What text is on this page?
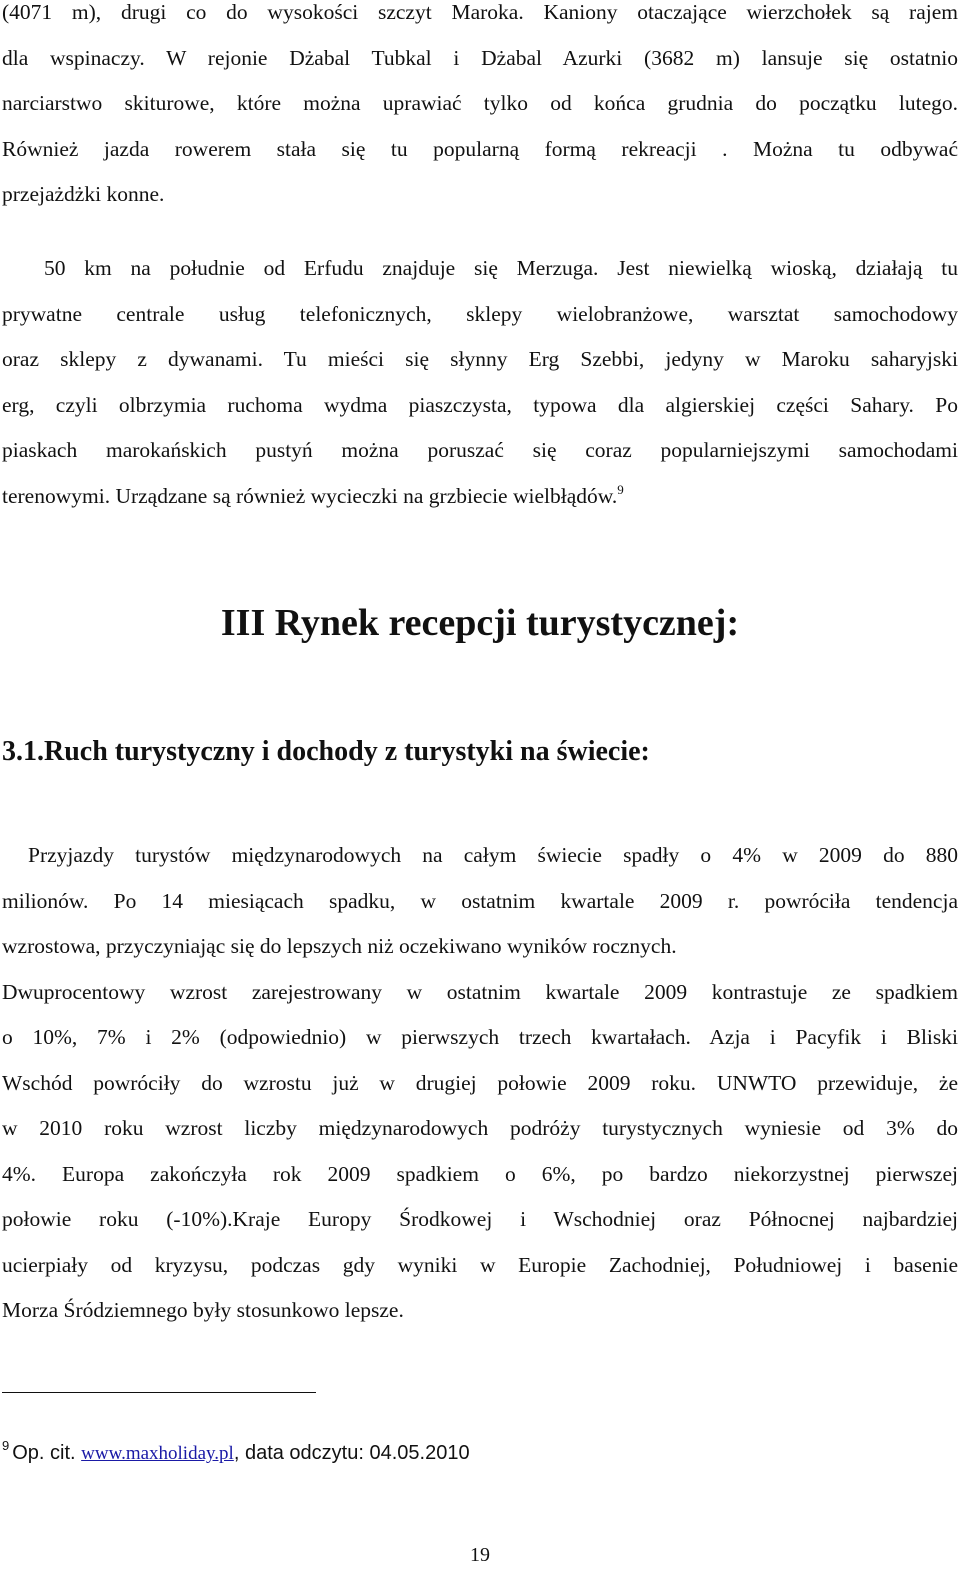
(4071 m), drugi co do wysokości szczyt Maroka. Kaniony otaczające wierzchołek są rajem
dla wspinaczy. W rejonie Dżabal Tubkal i Dżabal Azurki (3682 m) lansuje się ostatnio
narciarstwo skiturowe, które można uprawiać tylko od końca grudnia do początku lutego.
Również jazda rowerem stała się tu popularną formą rekreacji . Można tu odbywać
przejażdżki konne.
50 km na południe od Erfudu znajduje się Merzuga. Jest niewielką wioską, działają tu
prywatne centrale usług telefonicznych, sklepy wielobranżowe, warsztat samochodowy
oraz sklepy z dywanami. Tu mieści się słynny Erg Szebbi, jedyny w Maroku saharyjski
erg, czyli olbrzymia ruchoma wydma piaszczysta, typowa dla algierskiej części Sahary. Po
piaskach marokańskich pustyń można poruszać się coraz popularniejszymi samochodami
terenowymi. Urządzane są również wycieczki na grzbiecie wielbłądów.$^9$
III Rynek recepcji turystycznej:
3.1.Ruch turystyczny i dochody z turystyki na świecie:
Przyjazdy turystów międzynarodowych na całym świecie spadły o 4% w 2009 do 880
milionów. Po 14 miesiącach spadku, w ostatnim kwartale 2009 r. powróciła tendencja
wzrostowa, przyczyniając się do lepszych niż oczekiwano wyników rocznych.
Dwuprocentowy wzrost zarejestrowany w ostatnim kwartale 2009 kontrastuje ze spadkiem
o 10%, 7% i 2% (odpowiednio) w pierwszych trzech kwartałach. Azja i Pacyfik i Bliski
Wschód powróciły do wzrostu już w drugiej połowie 2009 roku. UNWTO przewiduje, że
w 2010 roku wzrost liczby międzynarodowych podróży turystycznych wyniesie od 3% do
4%. Europa zakończyła rok 2009 spadkiem o 6%, po bardzo niekorzystnej pierwszej
połowie roku (-10%).Kraje Europy Środkowej i Wschodniej oraz Północnej najbardziej
ucierpiały od kryzysu, podczas gdy wyniki w Europie Zachodniej, Południowej i basenie
Morza Śródziemnego były stosunkowo lepsze.
$^9$ Op. cit. www.maxholiday.pl, data odczytu: 04.05.2010
19
